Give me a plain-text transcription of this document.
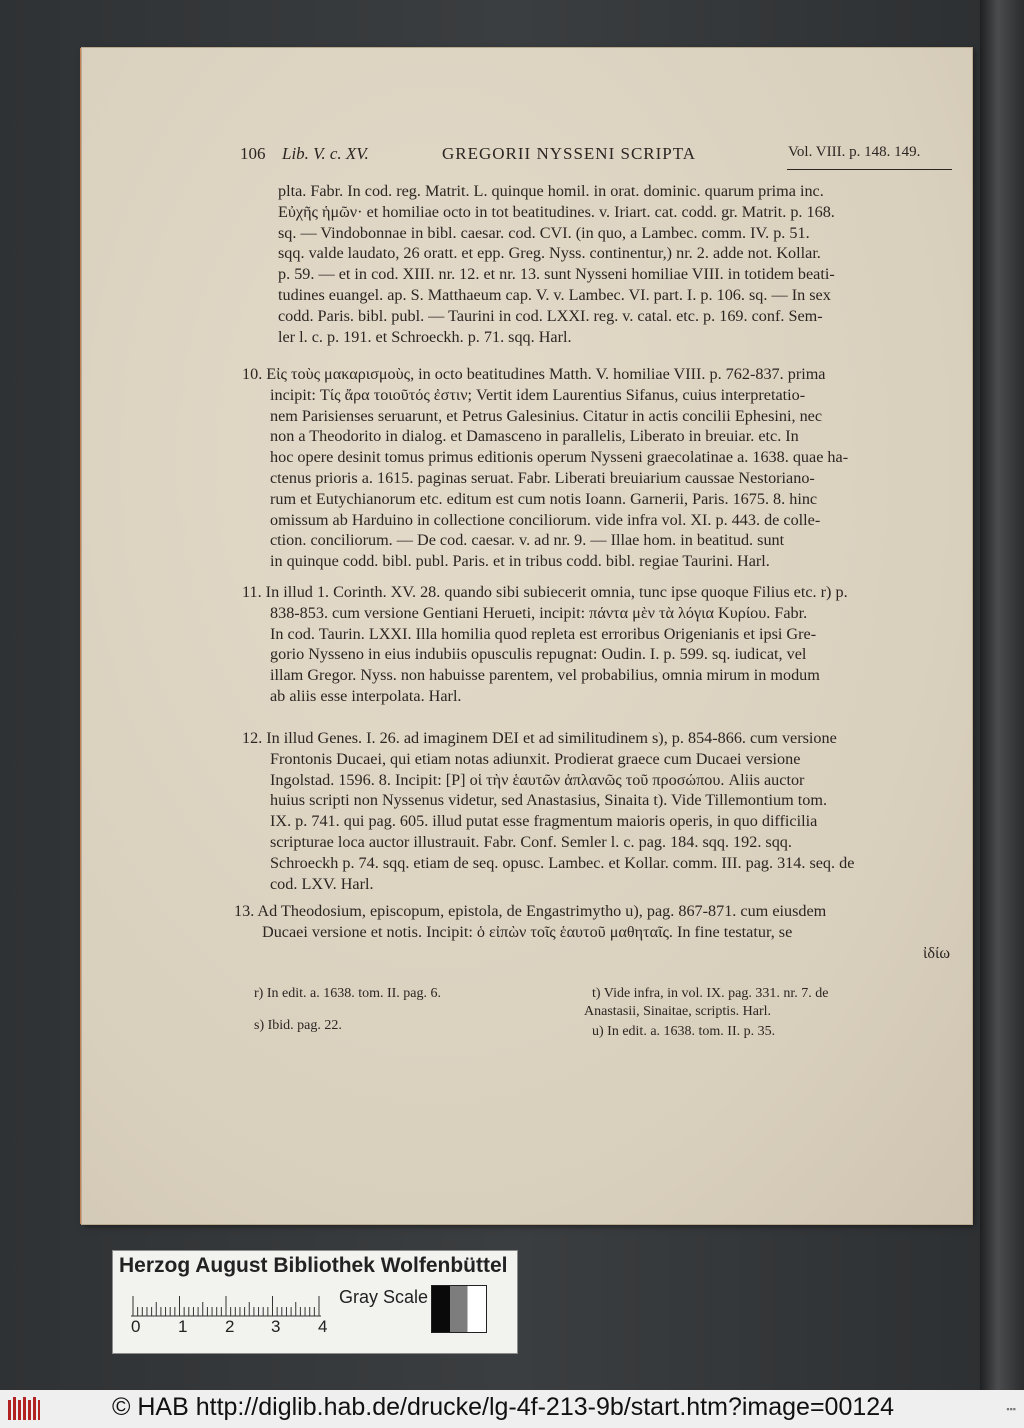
106 Lib. V. c. XV.	GREGORII NYSSENI SCRIPTA	Vol. VIII. p. 148. 149.
plta. Fabr. In cod. reg. Matrit. L. quinque homil. in orat. dominic. quarum prima inc.
Εὐχῆς ἡμῶν· et homiliae octo in tot beatitudines. v. Iriart. cat. codd. gr. Matrit. p. 168.
sq. — Vindobonnae in bibl. caesar. cod. CVI. (in quo, a Lambec. comm. IV. p. 51.
sqq. valde laudato, 26 oratt. et epp. Greg. Nyss. continentur,) nr. 2. adde not. Kollar.
p. 59. — et in cod. XIII. nr. 12. et nr. 13. sunt Nysseni homiliae VIII. in totidem beati-
tudines euangel. ap. S. Matthaeum cap. V. v. Lambec. VI. part. I. p. 106. sq. — In sex
codd. Paris. bibl. publ. — Taurini in cod. LXXI. reg. v. catal. etc. p. 169. conf. Sem-
ler l. c. p. 191. et Schroeckh. p. 71. sqq. Harl.
10. Εἰς τοὺς μακαρισμοὺς, in octo beatitudines Matth. V. homiliae VIII. p. 762-837. prima
incipit: Τίς ἄρα τοιοῦτός ἐστιν; Vertit idem Laurentius Sifanus, cuius interpretatio-
nem Parisienses seruarunt, et Petrus Galesinius. Citatur in actis concilii Ephesini, nec
non a Theodorito in dialog. et Damasceno in parallelis, Liberato in breuiar. etc. In
hoc opere desinit tomus primus editionis operum Nysseni graecolatinae a. 1638. quae ha-
ctenus prioris a. 1615. paginas seruat. Fabr. Liberati breuiarium caussae Nestoriano-
rum et Eutychianorum etc. editum est cum notis Ioann. Garnerii, Paris. 1675. 8. hinc
omissum ab Harduino in collectione conciliorum. vide infra vol. XI. p. 443. de colle-
ction. conciliorum. — De cod. caesar. v. ad nr. 9. — Illae hom. in beatitud. sunt
in quinque codd. bibl. publ. Paris. et in tribus codd. bibl. regiae Taurini. Harl.
11. In illud 1. Corinth. XV. 28. quando sibi subiecerit omnia, tunc ipse quoque Filius etc. r) p.
838-853. cum versione Gentiani Herueti, incipit: πάντα μὲν τὰ λόγια Κυρίου. Fabr.
In cod. Taurin. LXXI. Illa homilia quod repleta est erroribus Origenianis et ipsi Gre-
gorio Nysseno in eius indubiis opusculis repugnat: Oudin. I. p. 599. sq. iudicat, vel
illam Gregor. Nyss. non habuisse parentem, vel probabilius, omnia mirum in modum
ab aliis esse interpolata. Harl.
12. In illud Genes. I. 26. ad imaginem DEI et ad similitudinem s), p. 854-866. cum versione
Frontonis Ducaei, qui etiam notas adiunxit. Prodierat graece cum Ducaei versione
Ingolstad. 1596. 8. Incipit: [P] οἱ τὴν ἑαυτῶν ἁπλανῶς τοῦ προσώπου. Aliis auctor
huius scripti non Nyssenus videtur, sed Anastasius, Sinaita t). Vide Tillemontium tom.
IX. p. 741. qui pag. 605. illud putat esse fragmentum maioris operis, in quo difficilia
scripturae loca auctor illustrauit. Fabr. Conf. Semler l. c. pag. 184. sqq. 192. sqq.
Schroeckh p. 74. sqq. etiam de seq. opusc. Lambec. et Kollar. comm. III. pag. 314. seq. de
cod. LXV. Harl.
13. Ad Theodosium, episcopum, epistola, de Engastrimytho u), pag. 867-871. cum eiusdem
Ducaei versione et notis. Incipit: ὁ εἰπὼν τοῖς ἑαυτοῦ μαθηταῖς. In fine testatur, se
ἰδίω
r) In edit. a. 1638. tom. II. pag. 6.
s) Ibid. pag. 22.
t) Vide infra, in vol. IX. pag. 331. nr. 7. de
Anastasii, Sinaitae, scriptis. Harl.
u) In edit. a. 1638. tom. II. p. 35.
Herzog August Bibliothek Wolfenbüttel
Gray Scale
0 1 2 3 4
© HAB http://diglib.hab.de/drucke/lg-4f-213-9b/start.htm?image=00124	▪▪▪
